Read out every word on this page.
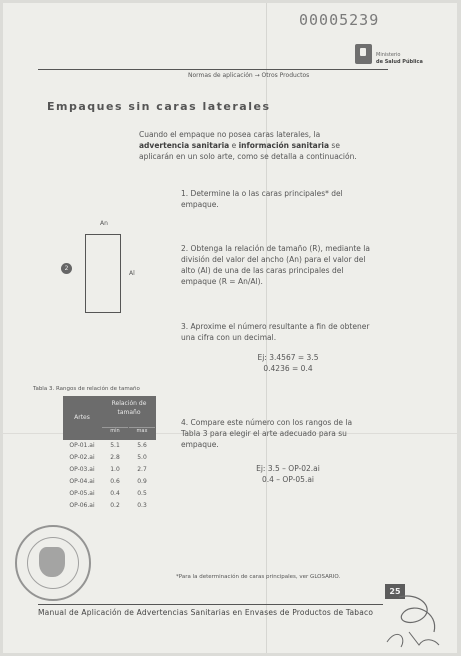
00005239
Ministerio
de Salud Pública
Normas de aplicación → Otros Productos
Empaques sin caras laterales
Cuando el empaque no posea caras laterales, la advertencia sanitaria e información sanitaria se aplicarán en un solo arte, como se detalla a continuación.
1. Determine la o las caras principales* del empaque.
2. Obtenga la relación de tamaño (R), mediante la división del valor del ancho (An) para el valor del alto (Al) de una de las caras principales del empaque (R = An/Al).
3. Aproxime el número resultante a fin de obtener una cifra con un decimal.
4. Compare este número con los rangos de la Tabla 3 para elegir el arte adecuado para su empaque.
Ej: 3.4567 = 3.5
0.4236 = 0.4
Ej: 3.5 – OP-02.ai
0.4 – OP-05.ai
An
Al
2
Tabla 3. Rangos de relación de tamaño
Artes
Relación de tamaño
min	max
OP-01.ai	5.1	5.6
OP-02.ai	2.8	5.0
OP-03.ai	1.0	2.7
OP-04.ai	0.6	0.9
OP-05.ai	0.4	0.5
OP-06.ai	0.2	0.3
*Para la determinación de caras principales, ver GLOSARIO.
25
Manual de Aplicación de Advertencias Sanitarias en Envases de Productos de Tabaco
